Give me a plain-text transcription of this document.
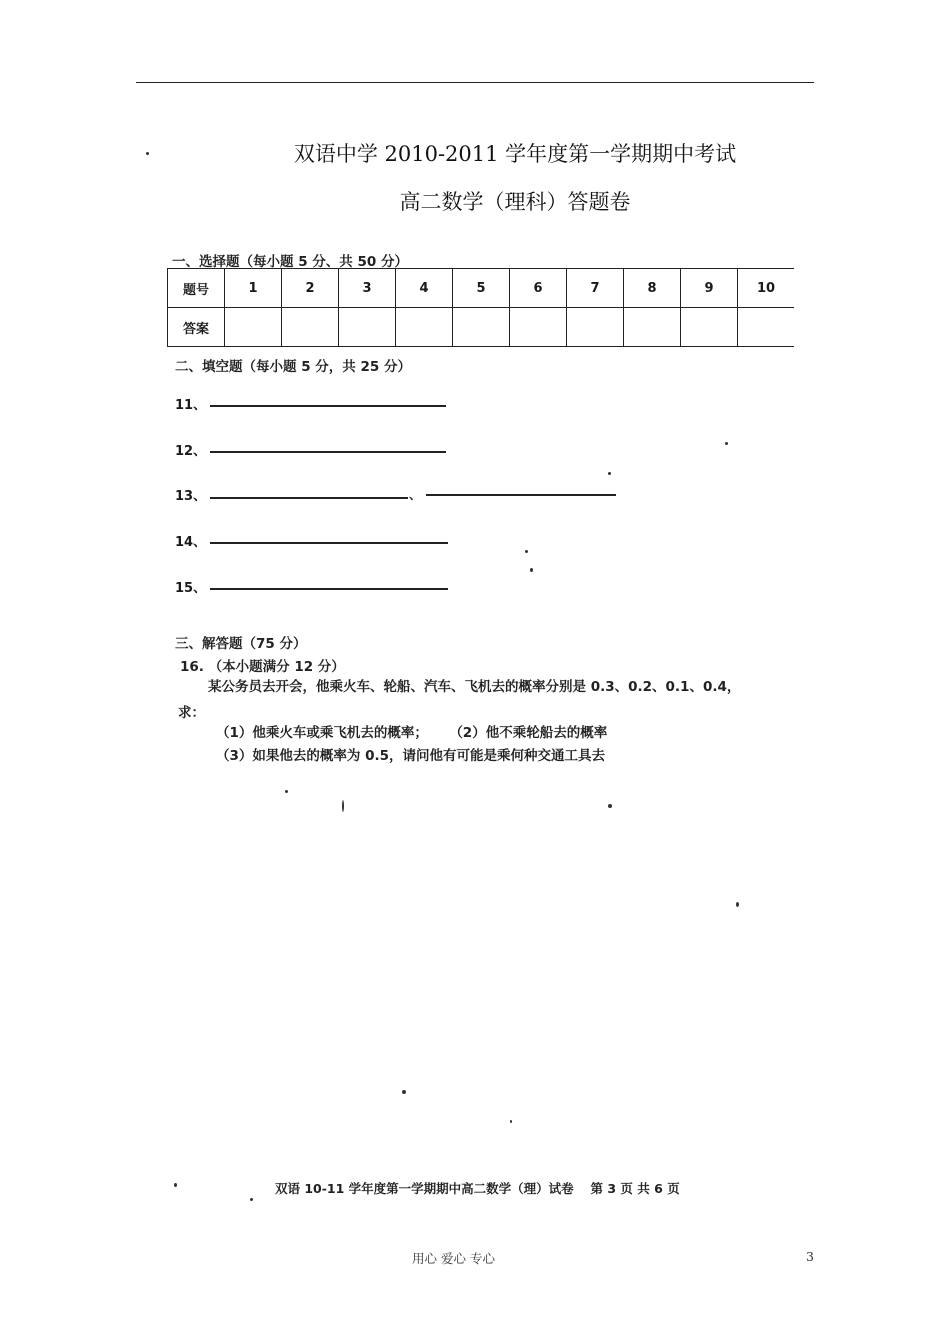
双语中学 2010-2011 学年度第一学期期中考试
高二数学（理科）答题卷
一、选择题（每小题 5 分、共 50 分）
题号	1	2	3	4	5	6	7	8	9	10
答案										
二、填空题（每小题 5 分，共 25 分）
11、
12、
13、	、
14、
15、
三、解答题（75 分）
16. （本小题满分 12 分）
某公务员去开会，他乘火车、轮船、汽车、飞机去的概率分别是 0.3、0.2、0.1、0.4，
求：
（1）他乘火车或乘飞机去的概率； （2）他不乘轮船去的概率
（3）如果他去的概率为 0.5，请问他有可能是乘何种交通工具去
双语 10-11 学年度第一学期期中高二数学（理）试卷　 第 3 页 共 6 页
用心 爱心 专心	3
